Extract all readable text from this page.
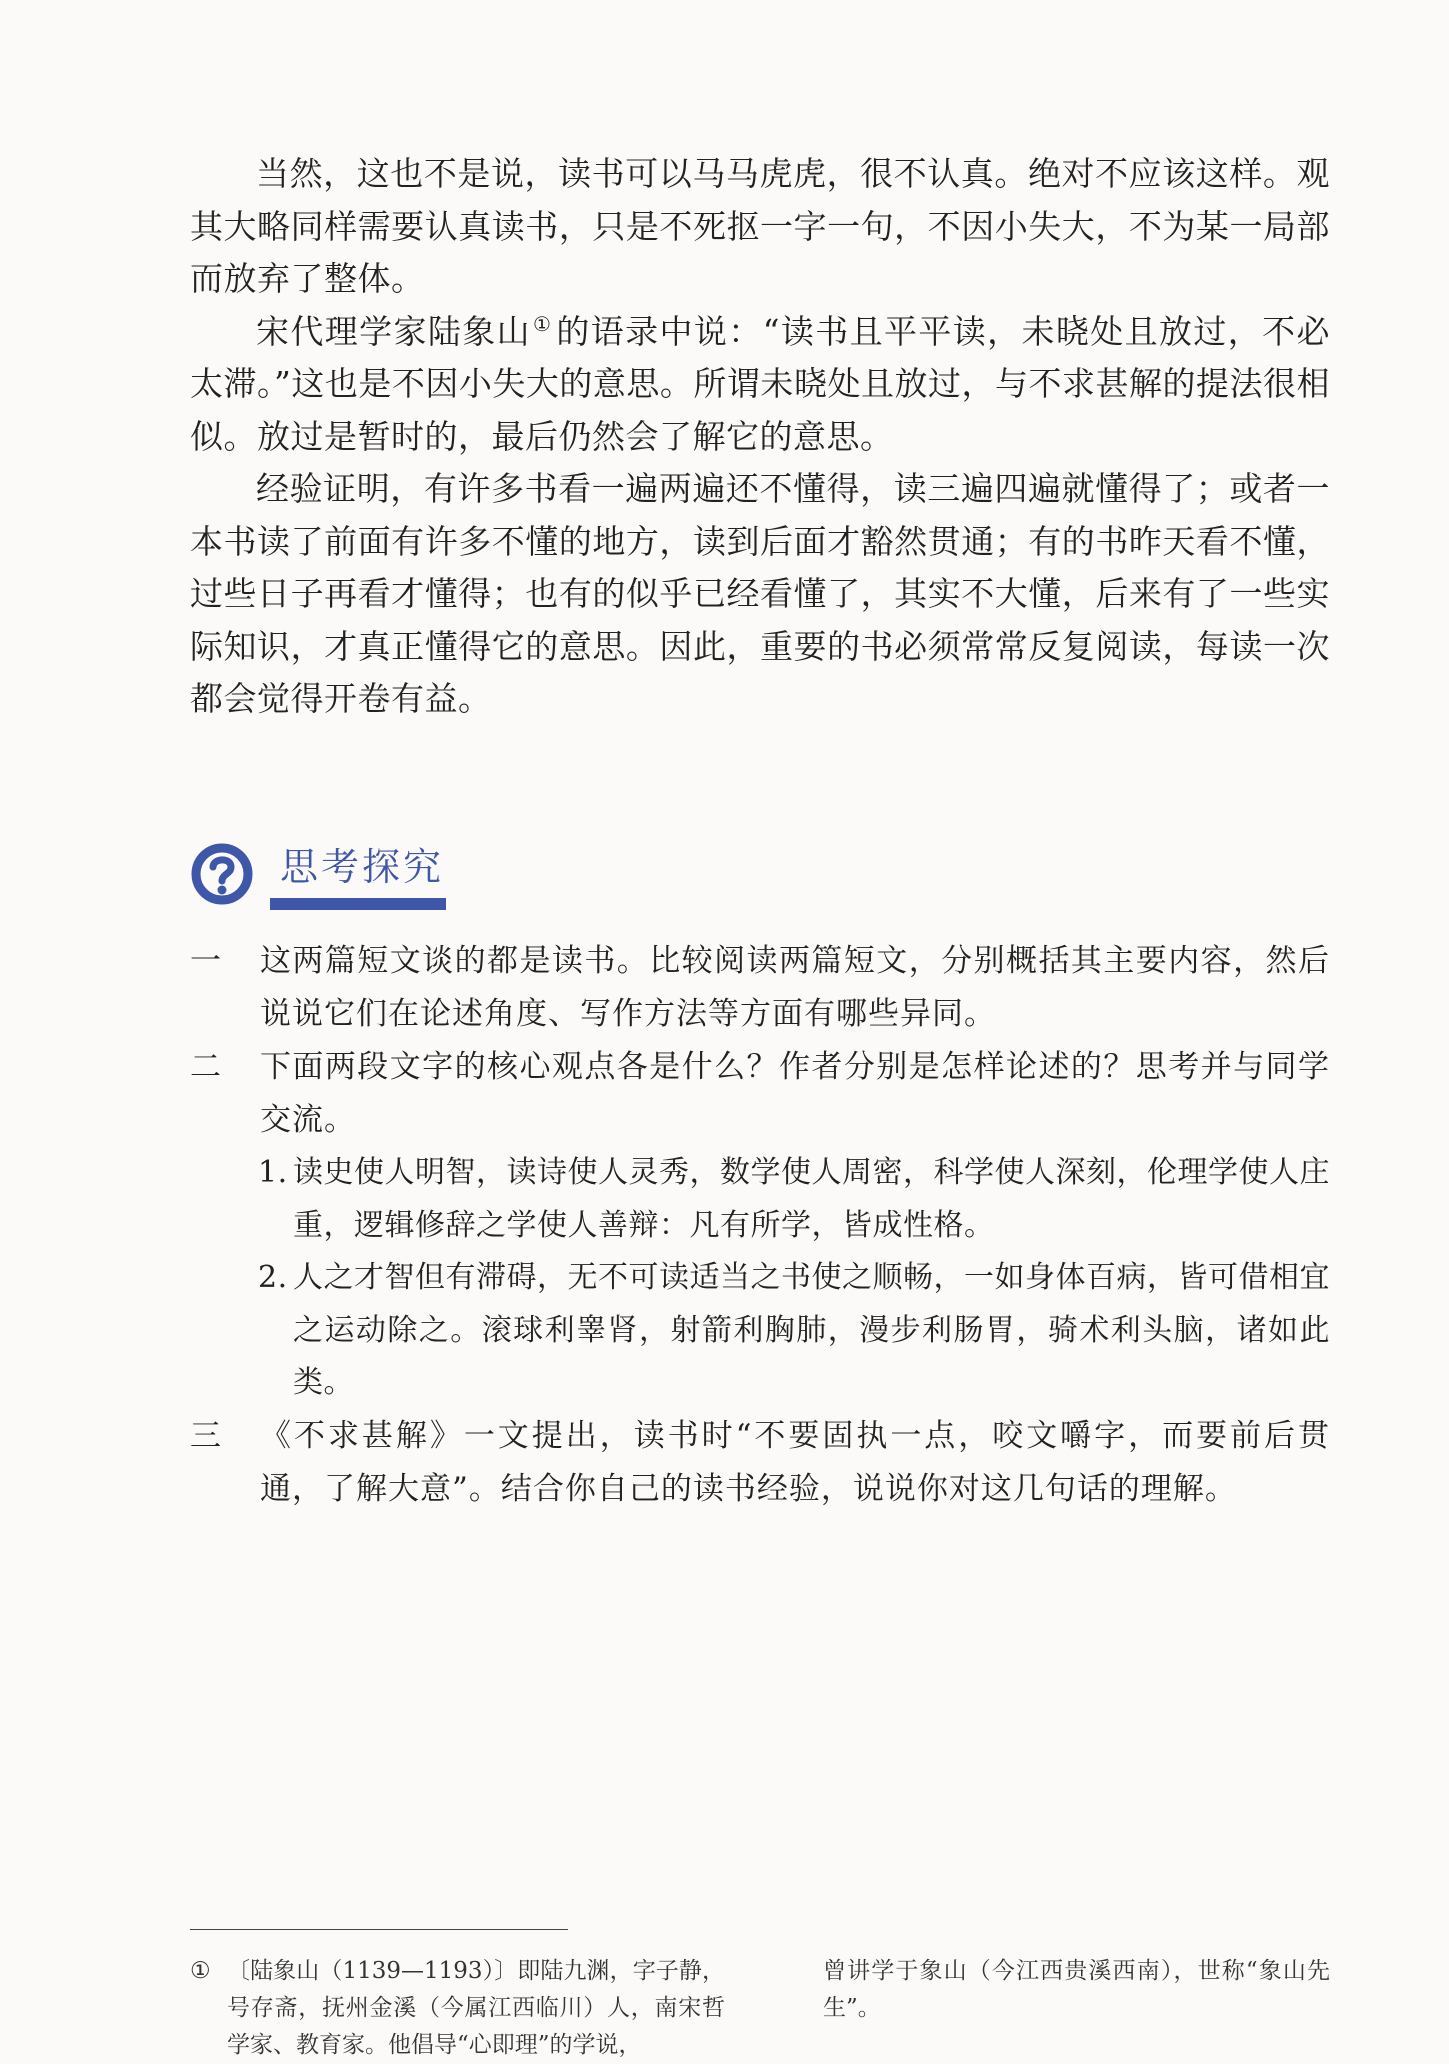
当然，这也不是说，读书可以马马虎虎，很不认真。绝对不应该这样。观其大略同样需要认真读书，只是不死抠一字一句，不因小失大，不为某一局部而放弃了整体。

宋代理学家陆象山 ① 的语录中说：“读书且平平读，未晓处且放过，不必太滞。”这也是不因小失大的意思。所谓未晓处且放过，与不求甚解的提法很相似。放过是暂时的，最后仍然会了解它的意思。

经验证明，有许多书看一遍两遍还不懂得，读三遍四遍就懂得了；或者一本书读了前面有许多不懂的地方，读到后面才豁然贯通；有的书昨天看不懂，过些日子再看才懂得；也有的似乎已经看懂了，其实不大懂，后来有了一些实际知识，才真正懂得它的意思。因此，重要的书必须常常反复阅读，每读一次都会觉得开卷有益。

思考探究
一 这两篇短文谈的都是读书。比较阅读两篇短文，分别概括其主要内容，然后说说它们在论述角度、写作方法等方面有哪些异同。
二 下面两段文字的核心观点各是什么？作者分别是怎样论述的？思考并与同学交流。
1. 读史使人明智，读诗使人灵秀，数学使人周密，科学使人深刻，伦理学使人庄重，逻辑修辞之学使人善辩：凡有所学，皆成性格。
2. 人之才智但有滞碍，无不可读适当之书使之顺畅，一如身体百病，皆可借相宜之运动除之。滚球利睾肾，射箭利胸肺，漫步利肠胃，骑术利头脑，诸如此类。
三 《不求甚解》一文提出，读书时“不要固执一点，咬文嚼字，而要前后贯通，了解大意”。结合你自己的读书经验，说说你对这几句话的理解。
① 〔陆象山（1139—1193）〕即陆九渊，字子静，号存斋，抚州金溪（今属江西临川）人，南宋哲学家、教育家。他倡导“心即理”的学说，
曾讲学于象山（今江西贵溪西南），世称“象山先生”。
